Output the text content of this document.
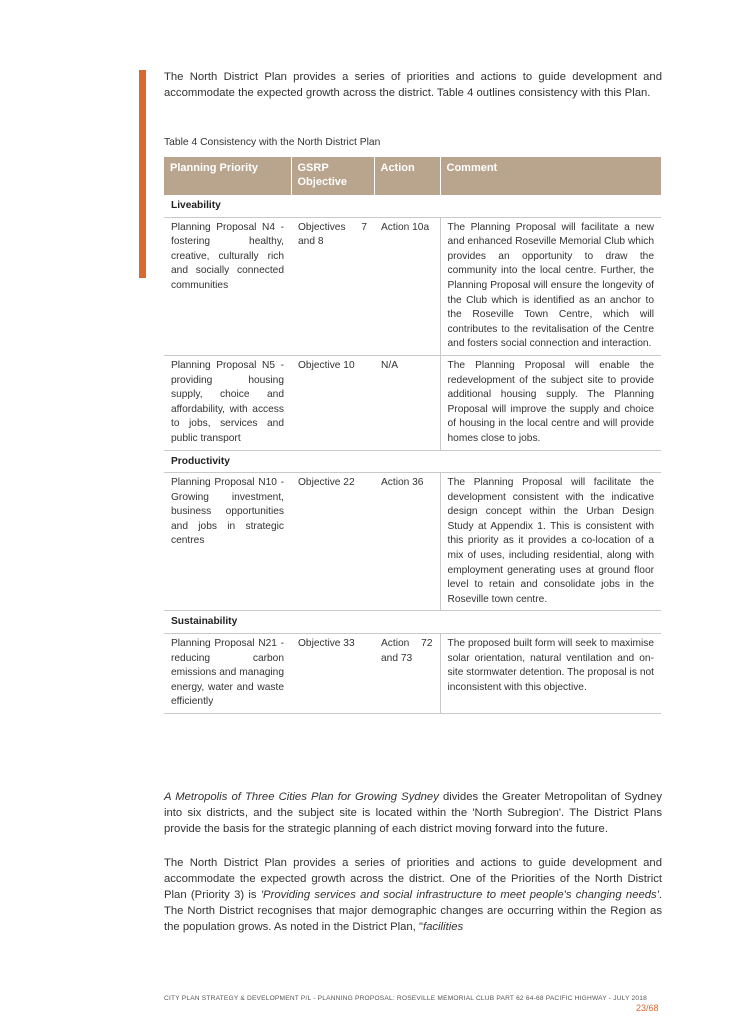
The North District Plan provides a series of priorities and actions to guide development and accommodate the expected growth across the district. Table 4 outlines consistency with this Plan.

Table 4 Consistency with the North District Plan

Planning Priority	GSRP Objective	Action	Comment
Liveability			
Planning Proposal N4 - fostering healthy, creative, culturally rich and socially connected communities	Objectives 7 and 8	Action 10a	The Planning Proposal will facilitate a new and enhanced Roseville Memorial Club which provides an opportunity to draw the community into the local centre. Further, the Planning Proposal will ensure the longevity of the Club which is identified as an anchor to the Roseville Town Centre, which will contributes to the revitalisation of the Centre and fosters social connection and interaction.
Planning Proposal N5 - providing housing supply, choice and affordability, with access to jobs, services and public transport	Objective 10	N/A	The Planning Proposal will enable the redevelopment of the subject site to provide additional housing supply. The Planning Proposal will improve the supply and choice of housing in the local centre and will provide homes close to jobs.
Productivity			
Planning Proposal N10 - Growing investment, business opportunities and jobs in strategic centres	Objective 22	Action 36	The Planning Proposal will facilitate the development consistent with the indicative design concept within the Urban Design Study at Appendix 1. This is consistent with this priority as it provides a co-location of a mix of uses, including residential, along with employment generating uses at ground floor level to retain and consolidate jobs in the Roseville town centre.
Sustainability			
Planning Proposal N21 - reducing carbon emissions and managing energy, water and waste efficiently	Objective 33	Action 72 and 73	The proposed built form will seek to maximise solar orientation, natural ventilation and on-site stormwater detention. The proposal is not inconsistent with this objective.

A Metropolis of Three Cities Plan for Growing Sydney divides the Greater Metropolitan of Sydney into six districts, and the subject site is located within the 'North Subregion'. The District Plans provide the basis for the strategic planning of each district moving forward into the future.

The North District Plan provides a series of priorities and actions to guide development and accommodate the expected growth across the district. One of the Priorities of the North District Plan (Priority 3) is 'Providing services and social infrastructure to meet people's changing needs'. The North District recognises that major demographic changes are occurring within the Region as the population grows. As noted in the District Plan, "facilities

CITY PLAN STRATEGY & DEVELOPMENT P/L - PLANNING PROPOSAL: ROSEVILLE MEMORIAL CLUB PART 62 64-68 PACIFIC HIGHWAY - JULY 2018
23/68
